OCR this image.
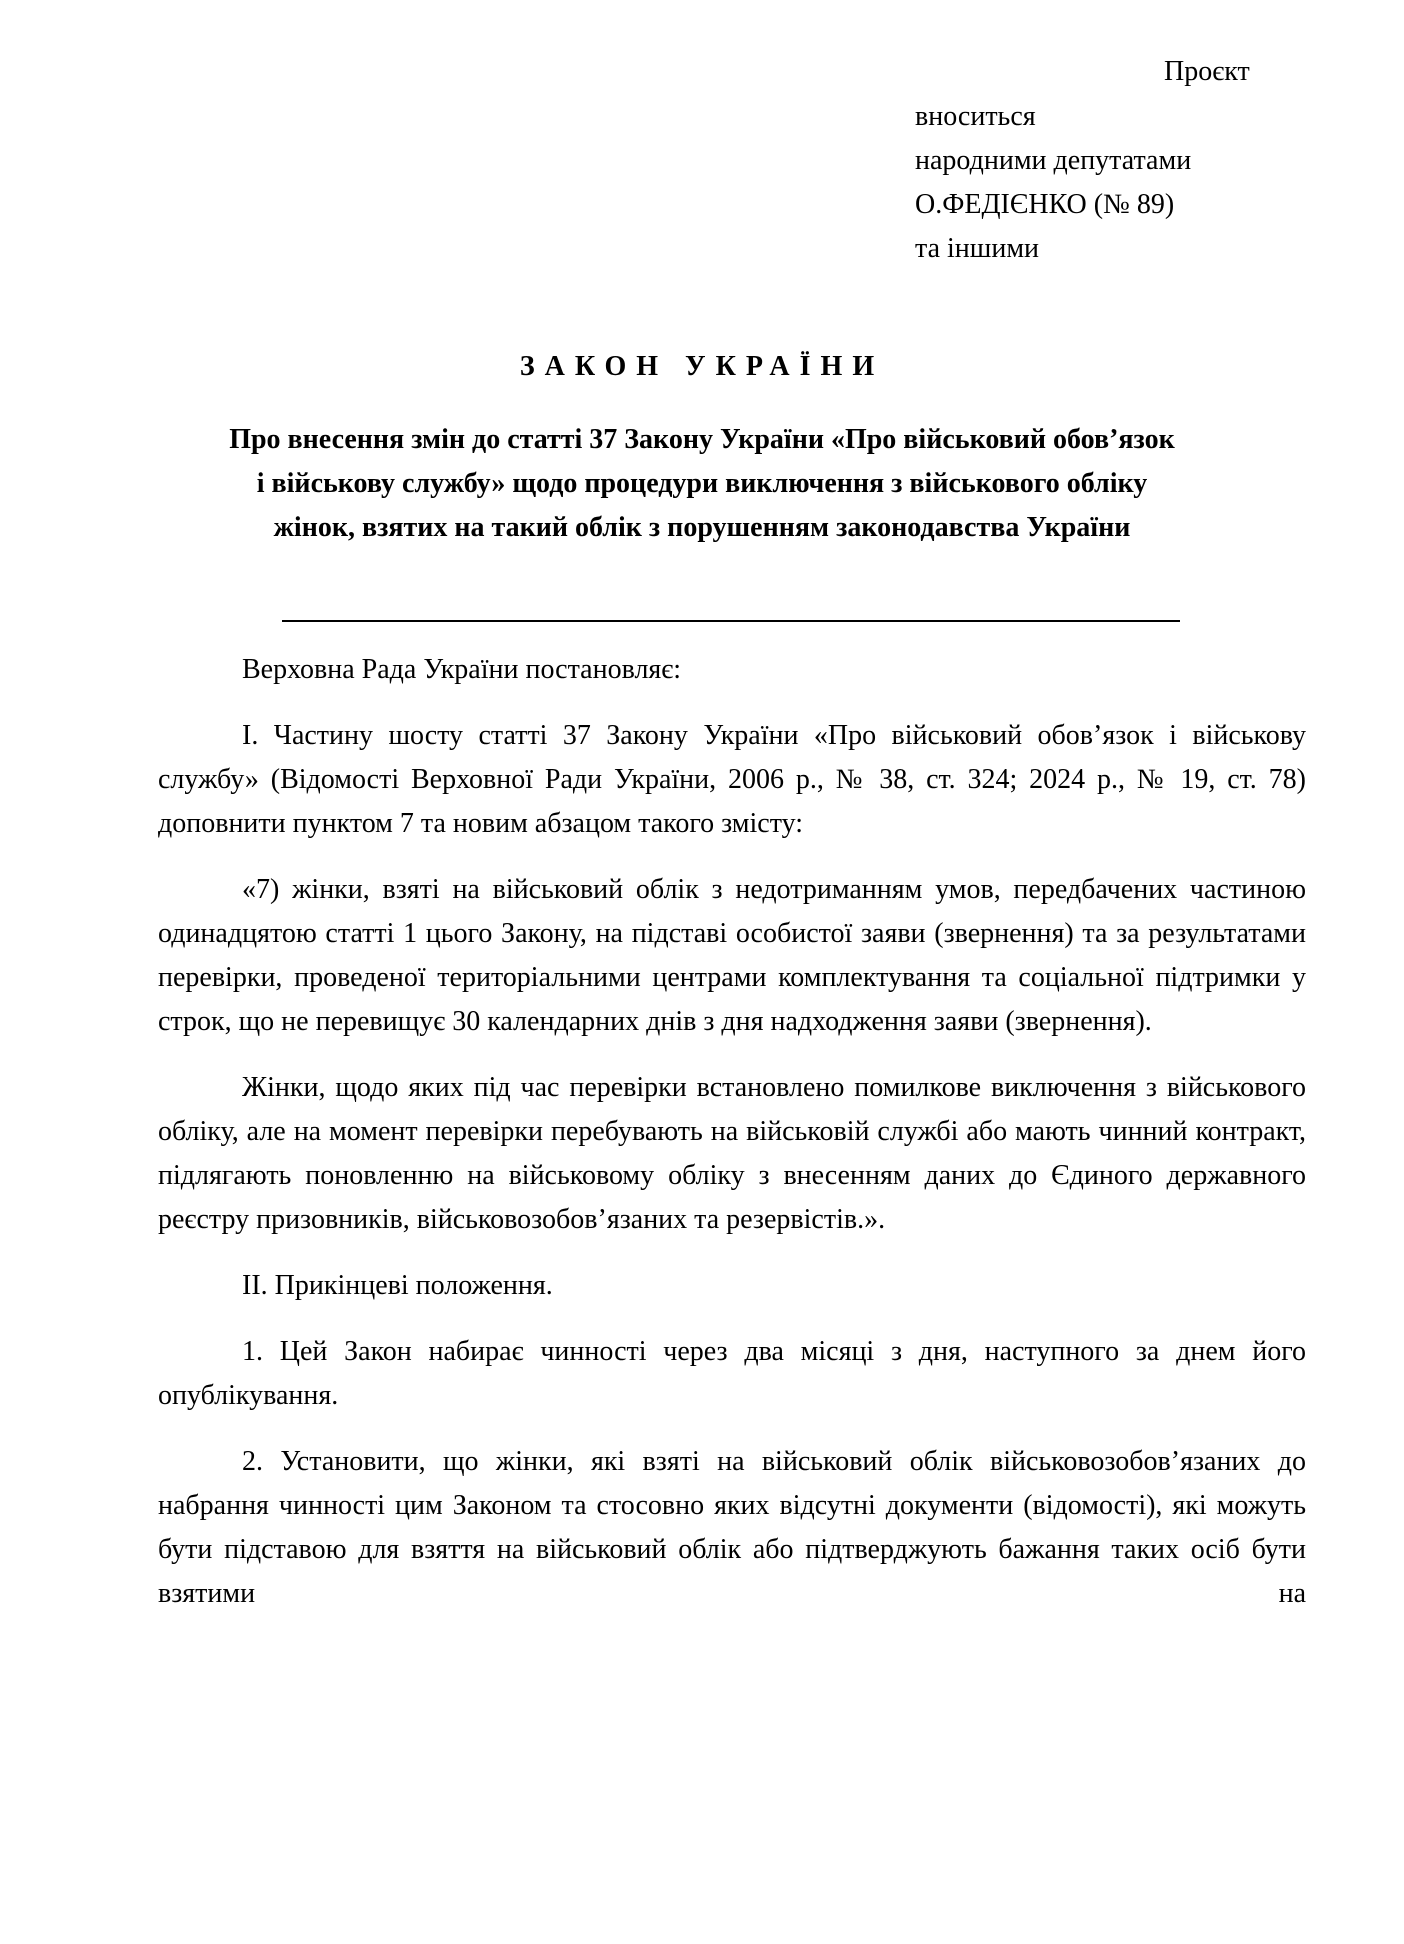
Проєкт

вноситься
народними депутатами
О.ФЕДІЄНКО (№ 89)
та іншими
ЗАКОН УКРАЇНИ
Про внесення змін до статті 37 Закону України «Про військовий обов’язок
і військову службу» щодо процедури виключення з військового обліку
жінок, взятих на такий облік з порушенням законодавства України

Верховна Рада України постановляє:

І. Частину шосту статті 37 Закону України «Про військовий обов’язок і військову службу» (Відомості Верховної Ради України, 2006 р., № 38, ст. 324; 2024 р., № 19, ст. 78) доповнити пунктом 7 та новим абзацом такого змісту:

«7) жінки, взяті на військовий облік з недотриманням умов, передбачених частиною одинадцятою статті 1 цього Закону, на підставі особистої заяви (звернення) та за результатами перевірки, проведеної територіальними центрами комплектування та соціальної підтримки у строк, що не перевищує 30 календарних днів з дня надходження заяви (звернення).

Жінки, щодо яких під час перевірки встановлено помилкове виключення з військового обліку, але на момент перевірки перебувають на військовій службі або мають чинний контракт, підлягають поновленню на військовому обліку з внесенням даних до Єдиного державного реєстру призовників, військовозобов’язаних та резервістів.».

ІІ. Прикінцеві положення.

1. Цей Закон набирає чинності через два місяці з дня, наступного за днем його опублікування.

2. Установити, що жінки, які взяті на військовий облік військовозобов’язаних до набрання чинності цим Законом та стосовно яких відсутні документи (відомості), які можуть бути підставою для взяття на військовий облік або підтверджують бажання таких осіб бути взятими на
